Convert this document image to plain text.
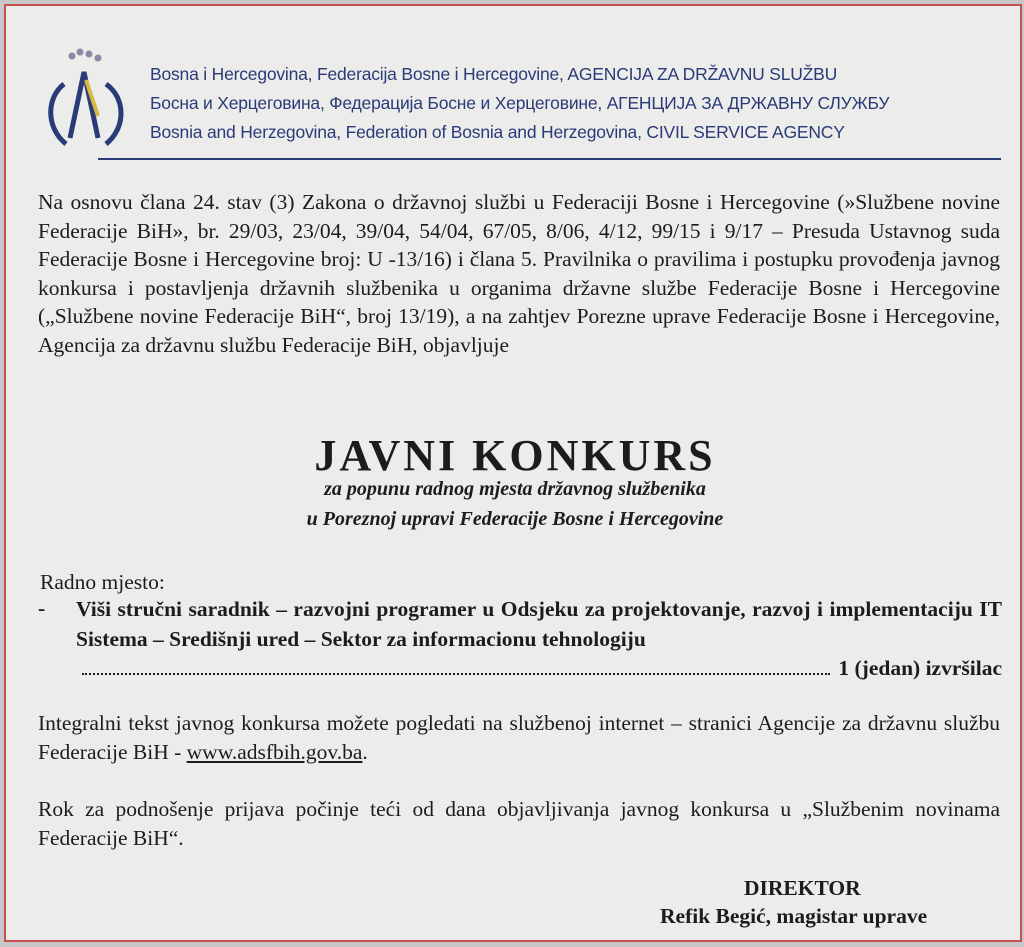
Bosna i Hercegovina, Federacija Bosne i Hercegovine, AGENCIJA ZA DRŽAVNU SLUŽBU
Босна и Херцеговина, Федерација Босне и Херцеговине, АГЕНЦИЈА ЗА ДРЖАВНУ СЛУЖБУ
Bosnia and Herzegovina, Federation of Bosnia and Herzegovina, CIVIL SERVICE AGENCY
Na osnovu člana 24. stav (3) Zakona o državnoj službi u Federaciji Bosne i Hercegovine (»Službene novine Federacije BiH», br. 29/03, 23/04, 39/04, 54/04, 67/05, 8/06, 4/12, 99/15 i 9/17 – Presuda Ustavnog suda Federacije Bosne i Hercegovine broj: U -13/16) i člana 5. Pravilnika o pravilima i postupku provođenja javnog konkursa i postavljenja državnih službenika u organima državne službe Federacije Bosne i Hercegovine („Službene novine Federacije BiH“, broj 13/19), a na zahtjev Porezne uprave Federacije Bosne i Hercegovine, Agencija za državnu službu Federacije BiH, objavljuje
JAVNI KONKURS
za popunu radnog mjesta državnog službenika
u Poreznoj upravi Federacije Bosne i Hercegovine
Radno mjesto:
- Viši stručni saradnik – razvojni programer u Odsjeku za projektovanje, razvoj i implementaciju IT Sistema – Središnji ured – Sektor za informacionu tehnologiju
1 (jedan) izvršilac
Integralni tekst javnog konkursa možete pogledati na službenoj internet – stranici Agencije za državnu službu Federacije BiH - www.adsfbih.gov.ba.
Rok za podnošenje prijava počinje teći od dana objavljivanja javnog konkursa u „Službenim novinama Federacije BiH“.
DIREKTOR
Refik Begić, magistar uprave
